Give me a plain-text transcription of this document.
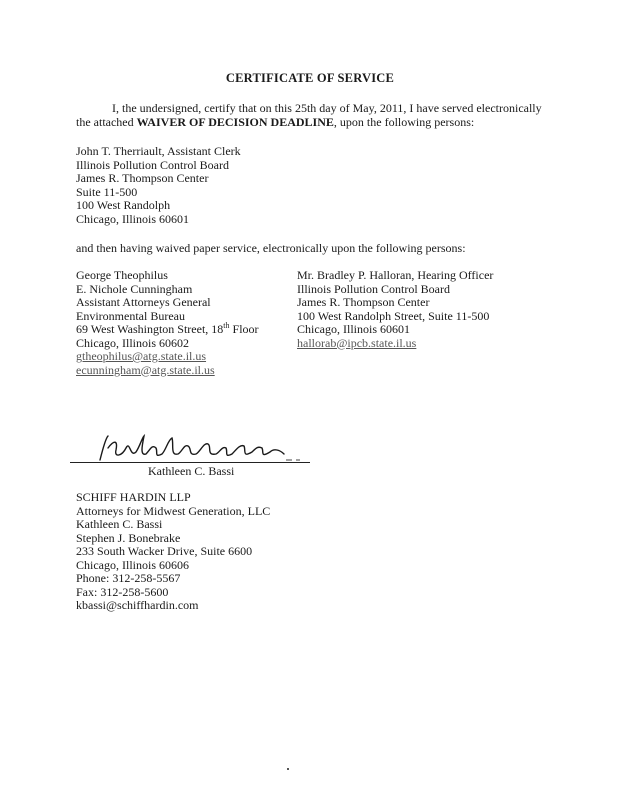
CERTIFICATE OF SERVICE
I, the undersigned, certify that on this 25th day of May, 2011, I have served electronically
the attached WAIVER OF DECISION DEADLINE, upon the following persons:
John T. Therriault, Assistant Clerk
Illinois Pollution Control Board
James R. Thompson Center
Suite 11-500
100 West Randolph
Chicago, Illinois 60601
and then having waived paper service, electronically upon the following persons:
George Theophilus
E. Nichole Cunningham
Assistant Attorneys General
Environmental Bureau
69 West Washington Street, 18th Floor
Chicago, Illinois 60602
gtheophilus@atg.state.il.us
ecunningham@atg.state.il.us
Mr. Bradley P. Halloran, Hearing Officer
Illinois Pollution Control Board
James R. Thompson Center
100 West Randolph Street, Suite 11-500
Chicago, Illinois 60601
hallorab@ipcb.state.il.us
Kathleen C. Bassi
SCHIFF HARDIN LLP
Attorneys for Midwest Generation, LLC
Kathleen C. Bassi
Stephen J. Bonebrake
233 South Wacker Drive, Suite 6600
Chicago, Illinois 60606
Phone: 312-258-5567
Fax: 312-258-5600
kbassi@schiffhardin.com
